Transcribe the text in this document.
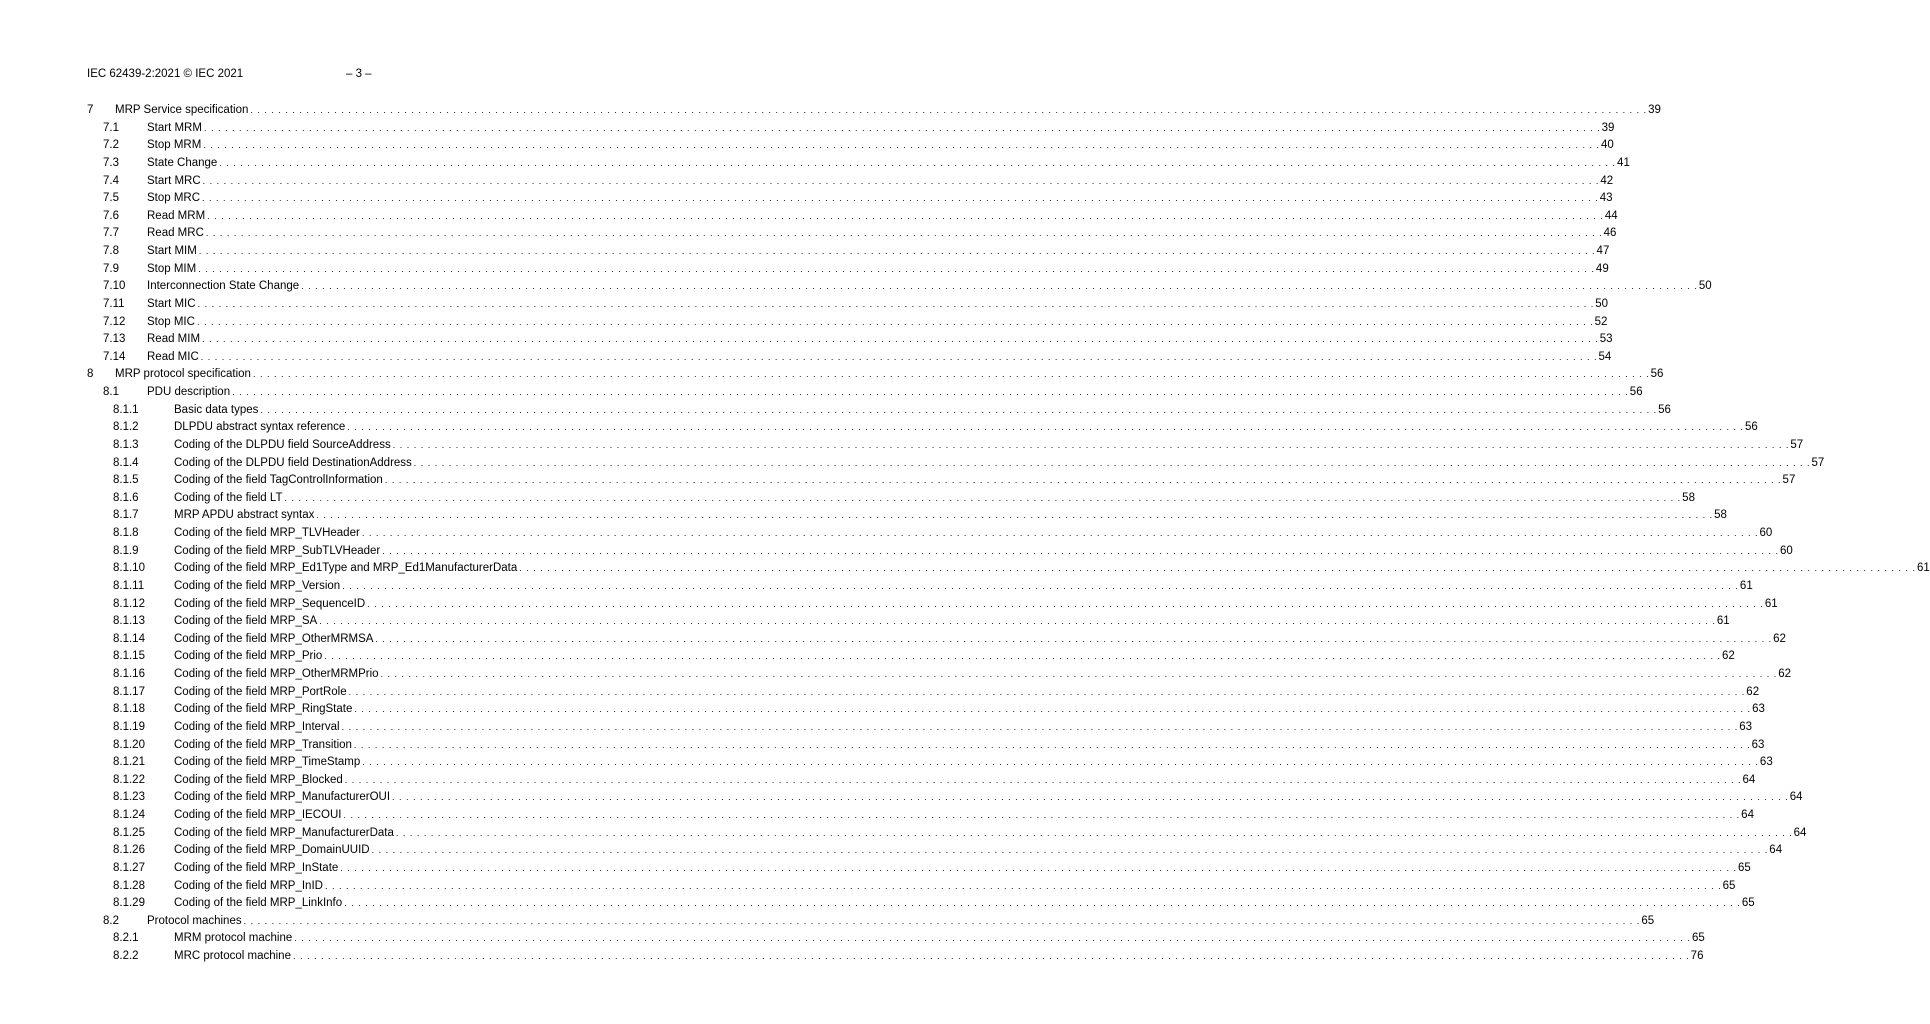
IEC 62439-2:2021 © IEC 2021	– 3 –
7 MRP Service specification . . . . . . . . . . . . . . . . . . . . . . . . . . . . . . . . . . . . . . . . . . . . . . . . . . . . . . . . . . . . . . . . . . . . . . . . . . . . . . . . . . . . . . . . . . . . . . . . . . . . . . . . . . . . . . . . . . . . . . . . . . . . . . . . . . . . . . . . . . . . . . . . . . . . . . . . . . . . . . . . . . . . . . . . . . . . . . . . . . . . . . . . . . . . . . . . . . . . . . . . 39
7.1 Start MRM . . . . . . . . . . . . . . . . . . . . . . . . . . . . . . . . . . . . . . . . . . . . . . . . . . . . . . . . . . . . . . . . . . . . . . . . . . . . . . . . . . . . . . . . . . . . . . . . . . . . . . . . . . . . . . . . . . . . . . . . . . . . . . . . . . . . . . . . . . . . . . . . . . . . . . . . . . . . . . . . . . . . . . . . . . . . . . . . . . . . . . . . . . . . . . . . . . . . . . . . 39
7.2 Stop MRM . . . . . . . . . . . . . . . . . . . . . . . . . . . . . . . . . . . . . . . . . . . . . . . . . . . . . . . . . . . . . . . . . . . . . . . . . . . . . . . . . . . . . . . . . . . . . . . . . . . . . . . . . . . . . . . . . . . . . . . . . . . . . . . . . . . . . . . . . . . . . . . . . . . . . . . . . . . . . . . . . . . . . . . . . . . . . . . . . . . . . . . . . . . . . . . . . . . . . . . . 40
7.3 State Change . . . . . . . . . . . . . . . . . . . . . . . . . . . . . . . . . . . . . . . . . . . . . . . . . . . . . . . . . . . . . . . . . . . . . . . . . . . . . . . . . . . . . . . . . . . . . . . . . . . . . . . . . . . . . . . . . . . . . . . . . . . . . . . . . . . . . . . . . . . . . . . . . . . . . . . . . . . . . . . . . . . . . . . . . . . . . . . . . . . . . . . . . . . . . . . . . . . . . . . . 41
7.4 Start MRC . . . . . . . . . . . . . . . . . . . . . . . . . . . . . . . . . . . . . . . . . . . . . . . . . . . . . . . . . . . . . . . . . . . . . . . . . . . . . . . . . . . . . . . . . . . . . . . . . . . . . . . . . . . . . . . . . . . . . . . . . . . . . . . . . . . . . . . . . . . . . . . . . . . . . . . . . . . . . . . . . . . . . . . . . . . . . . . . . . . . . . . . . . . . . . . . . . . . . . . . 42
7.5 Stop MRC . . . . . . . . . . . . . . . . . . . . . . . . . . . . . . . . . . . . . . . . . . . . . . . . . . . . . . . . . . . . . . . . . . . . . . . . . . . . . . . . . . . . . . . . . . . . . . . . . . . . . . . . . . . . . . . . . . . . . . . . . . . . . . . . . . . . . . . . . . . . . . . . . . . . . . . . . . . . . . . . . . . . . . . . . . . . . . . . . . . . . . . . . . . . . . . . . . . . . . . . 43
7.6 Read MRM . . . . . . . . . . . . . . . . . . . . . . . . . . . . . . . . . . . . . . . . . . . . . . . . . . . . . . . . . . . . . . . . . . . . . . . . . . . . . . . . . . . . . . . . . . . . . . . . . . . . . . . . . . . . . . . . . . . . . . . . . . . . . . . . . . . . . . . . . . . . . . . . . . . . . . . . . . . . . . . . . . . . . . . . . . . . . . . . . . . . . . . . . . . . . . . . . . . . . . . . 44
7.7 Read MRC . . . . . . . . . . . . . . . . . . . . . . . . . . . . . . . . . . . . . . . . . . . . . . . . . . . . . . . . . . . . . . . . . . . . . . . . . . . . . . . . . . . . . . . . . . . . . . . . . . . . . . . . . . . . . . . . . . . . . . . . . . . . . . . . . . . . . . . . . . . . . . . . . . . . . . . . . . . . . . . . . . . . . . . . . . . . . . . . . . . . . . . . . . . . . . . . . . . . . . . . 46
7.8 Start MIM . . . . . . . . . . . . . . . . . . . . . . . . . . . . . . . . . . . . . . . . . . . . . . . . . . . . . . . . . . . . . . . . . . . . . . . . . . . . . . . . . . . . . . . . . . . . . . . . . . . . . . . . . . . . . . . . . . . . . . . . . . . . . . . . . . . . . . . . . . . . . . . . . . . . . . . . . . . . . . . . . . . . . . . . . . . . . . . . . . . . . . . . . . . . . . . . . . . . . . . . 47
7.9 Stop MIM . . . . . . . . . . . . . . . . . . . . . . . . . . . . . . . . . . . . . . . . . . . . . . . . . . . . . . . . . . . . . . . . . . . . . . . . . . . . . . . . . . . . . . . . . . . . . . . . . . . . . . . . . . . . . . . . . . . . . . . . . . . . . . . . . . . . . . . . . . . . . . . . . . . . . . . . . . . . . . . . . . . . . . . . . . . . . . . . . . . . . . . . . . . . . . . . . . . . . . . . 49
7.10 Interconnection State Change . . . . . . . . . . . . . . . . . . . . . . . . . . . . . . . . . . . . . . . . . . . . . . . . . . . . . . . . . . . . . . . . . . . . . . . . . . . . . . . . . . . . . . . . . . . . . . . . . . . . . . . . . . . . . . . . . . . . . . . . . . . . . . . . . . . . . . . . . . . . . . . . . . . . . . . . . . . . . . . . . . . . . . . . . . . . . . . . . . . . . . . . . . . . . . . . . . . . . . . . 50
7.11 Start MIC . . . . . . . . . . . . . . . . . . . . . . . . . . . . . . . . . . . . . . . . . . . . . . . . . . . . . . . . . . . . . . . . . . . . . . . . . . . . . . . . . . . . . . . . . . . . . . . . . . . . . . . . . . . . . . . . . . . . . . . . . . . . . . . . . . . . . . . . . . . . . . . . . . . . . . . . . . . . . . . . . . . . . . . . . . . . . . . . . . . . . . . . . . . . . . . . . . . . . . . . 50
7.12 Stop MIC . . . . . . . . . . . . . . . . . . . . . . . . . . . . . . . . . . . . . . . . . . . . . . . . . . . . . . . . . . . . . . . . . . . . . . . . . . . . . . . . . . . . . . . . . . . . . . . . . . . . . . . . . . . . . . . . . . . . . . . . . . . . . . . . . . . . . . . . . . . . . . . . . . . . . . . . . . . . . . . . . . . . . . . . . . . . . . . . . . . . . . . . . . . . . . . . . . . . . . . . 52
7.13 Read MIM . . . . . . . . . . . . . . . . . . . . . . . . . . . . . . . . . . . . . . . . . . . . . . . . . . . . . . . . . . . . . . . . . . . . . . . . . . . . . . . . . . . . . . . . . . . . . . . . . . . . . . . . . . . . . . . . . . . . . . . . . . . . . . . . . . . . . . . . . . . . . . . . . . . . . . . . . . . . . . . . . . . . . . . . . . . . . . . . . . . . . . . . . . . . . . . . . . . . . . . . 53
7.14 Read MIC . . . . . . . . . . . . . . . . . . . . . . . . . . . . . . . . . . . . . . . . . . . . . . . . . . . . . . . . . . . . . . . . . . . . . . . . . . . . . . . . . . . . . . . . . . . . . . . . . . . . . . . . . . . . . . . . . . . . . . . . . . . . . . . . . . . . . . . . . . . . . . . . . . . . . . . . . . . . . . . . . . . . . . . . . . . . . . . . . . . . . . . . . . . . . . . . . . . . . . . . 54
8 MRP protocol specification . . . . . . . . . . . . . . . . . . . . . . . . . . . . . . . . . . . . . . . . . . . . . . . . . . . . . . . . . . . . . . . . . . . . . . . . . . . . . . . . . . . . . . . . . . . . . . . . . . . . . . . . . . . . . . . . . . . . . . . . . . . . . . . . . . . . . . . . . . . . . . . . . . . . . . . . . . . . . . . . . . . . . . . . . . . . . . . . . . . . . . . . . . . . . . . . . . . . . . . . 56
8.1 PDU description . . . . . . . . . . . . . . . . . . . . . . . . . . . . . . . . . . . . . . . . . . . . . . . . . . . . . . . . . . . . . . . . . . . . . . . . . . . . . . . . . . . . . . . . . . . . . . . . . . . . . . . . . . . . . . . . . . . . . . . . . . . . . . . . . . . . . . . . . . . . . . . . . . . . . . . . . . . . . . . . . . . . . . . . . . . . . . . . . . . . . . . . . . . . . . . . . . . . . . . . 56
8.1.1	Basic data types . . . . . . . . . . . . . . . . . . . . . . . . . . . . . . . . . . . . . . . . . . . . . . . . . . . . . . . . . . . . . . . . . . . . . . . . . . . . . . . . . . . . . . . . . . . . . . . . . . . . . . . . . . . . . . . . . . . . . . . . . . . . . . . . . . . . . . . . . . . . . . . . . . . . . . . . . . . . . . . . . . . . . . . . . . . . . . . . . . . . . . . . . . . . . . . . . . . . . . . . 56
8.1.2	DLPDU abstract syntax reference . . . . . . . . . . . . . . . . . . . . . . . . . . . . . . . . . . . . . . . . . . . . . . . . . . . . . . . . . . . . . . . . . . . . . . . . . . . . . . . . . . . . . . . . . . . . . . . . . . . . . . . . . . . . . . . . . . . . . . . . . . . . . . . . . . . . . . . . . . . . . . . . . . . . . . . . . . . . . . . . . . . . . . . . . . . . . . . . . . . . . . . . . . . . . . . . . . . . . . . . 56
8.1.3	Coding of the DLPDU field SourceAddress . . . . . . . . . . . . . . . . . . . . . . . . . . . . . . . . . . . . . . . . . . . . . . . . . . . . . . . . . . . . . . . . . . . . . . . . . . . . . . . . . . . . . . . . . . . . . . . . . . . . . . . . . . . . . . . . . . . . . . . . . . . . . . . . . . . . . . . . . . . . . . . . . . . . . . . . . . . . . . . . . . . . . . . . . . . . . . . . . . . . . . . . . . . . . . . . . . . . . . . . 57
8.1.4	Coding of the DLPDU field DestinationAddress . . . . . . . . . . . . . . . . . . . . . . . . . . . . . . . . . . . . . . . . . . . . . . . . . . . . . . . . . . . . . . . . . . . . . . . . . . . . . . . . . . . . . . . . . . . . . . . . . . . . . . . . . . . . . . . . . . . . . . . . . . . . . . . . . . . . . . . . . . . . . . . . . . . . . . . . . . . . . . . . . . . . . . . . . . . . . . . . . . . . . . . . . . . . . . . . . . . . . . . . 57
8.1.5	Coding of the field TagControlInformation . . . . . . . . . . . . . . . . . . . . . . . . . . . . . . . . . . . . . . . . . . . . . . . . . . . . . . . . . . . . . . . . . . . . . . . . . . . . . . . . . . . . . . . . . . . . . . . . . . . . . . . . . . . . . . . . . . . . . . . . . . . . . . . . . . . . . . . . . . . . . . . . . . . . . . . . . . . . . . . . . . . . . . . . . . . . . . . . . . . . . . . . . . . . . . . . . . . . . . . . 57
8.1.6	Coding of the field LT . . . . . . . . . . . . . . . . . . . . . . . . . . . . . . . . . . . . . . . . . . . . . . . . . . . . . . . . . . . . . . . . . . . . . . . . . . . . . . . . . . . . . . . . . . . . . . . . . . . . . . . . . . . . . . . . . . . . . . . . . . . . . . . . . . . . . . . . . . . . . . . . . . . . . . . . . . . . . . . . . . . . . . . . . . . . . . . . . . . . . . . . . . . . . . . . . . . . . . . . 58
8.1.7	MRP APDU abstract syntax . . . . . . . . . . . . . . . . . . . . . . . . . . . . . . . . . . . . . . . . . . . . . . . . . . . . . . . . . . . . . . . . . . . . . . . . . . . . . . . . . . . . . . . . . . . . . . . . . . . . . . . . . . . . . . . . . . . . . . . . . . . . . . . . . . . . . . . . . . . . . . . . . . . . . . . . . . . . . . . . . . . . . . . . . . . . . . . . . . . . . . . . . . . . . . . . . . . . . . . . 58
8.1.8	Coding of the field MRP_TLVHeader . . . . . . . . . . . . . . . . . . . . . . . . . . . . . . . . . . . . . . . . . . . . . . . . . . . . . . . . . . . . . . . . . . . . . . . . . . . . . . . . . . . . . . . . . . . . . . . . . . . . . . . . . . . . . . . . . . . . . . . . . . . . . . . . . . . . . . . . . . . . . . . . . . . . . . . . . . . . . . . . . . . . . . . . . . . . . . . . . . . . . . . . . . . . . . . . . . . . . . . . 60
8.1.9	Coding of the field MRP_SubTLVHeader . . . . . . . . . . . . . . . . . . . . . . . . . . . . . . . . . . . . . . . . . . . . . . . . . . . . . . . . . . . . . . . . . . . . . . . . . . . . . . . . . . . . . . . . . . . . . . . . . . . . . . . . . . . . . . . . . . . . . . . . . . . . . . . . . . . . . . . . . . . . . . . . . . . . . . . . . . . . . . . . . . . . . . . . . . . . . . . . . . . . . . . . . . . . . . . . . . . . . . . . 60
8.1.10	Coding of the field MRP_Ed1Type and MRP_Ed1ManufacturerData . . . . . . . . . . . . . . . . . . . . . . . . . . . . . . . . . . . . . . . . . . . . . . . . . . . . . . . . . . . . . . . . . . . . . . . . . . . . . . . . . . . . . . . . . . . . . . . . . . . . . . . . . . . . . . . . . . . . . . . . . . . . . . . . . . . . . . . . . . . . . . . . . . . . . . . . . . . . . . . . . . . . . . . . . . . . . . . . . . . . . . . . . . . . . . . . . . . . . . . . 61
8.1.11	Coding of the field MRP_Version . . . . . . . . . . . . . . . . . . . . . . . . . . . . . . . . . . . . . . . . . . . . . . . . . . . . . . . . . . . . . . . . . . . . . . . . . . . . . . . . . . . . . . . . . . . . . . . . . . . . . . . . . . . . . . . . . . . . . . . . . . . . . . . . . . . . . . . . . . . . . . . . . . . . . . . . . . . . . . . . . . . . . . . . . . . . . . . . . . . . . . . . . . . . . . . . . . . . . . . . 61
8.1.12	Coding of the field MRP_SequenceID . . . . . . . . . . . . . . . . . . . . . . . . . . . . . . . . . . . . . . . . . . . . . . . . . . . . . . . . . . . . . . . . . . . . . . . . . . . . . . . . . . . . . . . . . . . . . . . . . . . . . . . . . . . . . . . . . . . . . . . . . . . . . . . . . . . . . . . . . . . . . . . . . . . . . . . . . . . . . . . . . . . . . . . . . . . . . . . . . . . . . . . . . . . . . . . . . . . . . . . . 61
8.1.13	Coding of the field MRP_SA . . . . . . . . . . . . . . . . . . . . . . . . . . . . . . . . . . . . . . . . . . . . . . . . . . . . . . . . . . . . . . . . . . . . . . . . . . . . . . . . . . . . . . . . . . . . . . . . . . . . . . . . . . . . . . . . . . . . . . . . . . . . . . . . . . . . . . . . . . . . . . . . . . . . . . . . . . . . . . . . . . . . . . . . . . . . . . . . . . . . . . . . . . . . . . . . . . . . . . . . 61
8.1.14	Coding of the field MRP_OtherMRMSA . . . . . . . . . . . . . . . . . . . . . . . . . . . . . . . . . . . . . . . . . . . . . . . . . . . . . . . . . . . . . . . . . . . . . . . . . . . . . . . . . . . . . . . . . . . . . . . . . . . . . . . . . . . . . . . . . . . . . . . . . . . . . . . . . . . . . . . . . . . . . . . . . . . . . . . . . . . . . . . . . . . . . . . . . . . . . . . . . . . . . . . . . . . . . . . . . . . . . . . . 62
8.1.15	Coding of the field MRP_Prio . . . . . . . . . . . . . . . . . . . . . . . . . . . . . . . . . . . . . . . . . . . . . . . . . . . . . . . . . . . . . . . . . . . . . . . . . . . . . . . . . . . . . . . . . . . . . . . . . . . . . . . . . . . . . . . . . . . . . . . . . . . . . . . . . . . . . . . . . . . . . . . . . . . . . . . . . . . . . . . . . . . . . . . . . . . . . . . . . . . . . . . . . . . . . . . . . . . . . . . . 62
8.1.16	Coding of the field MRP_OtherMRMPrio . . . . . . . . . . . . . . . . . . . . . . . . . . . . . . . . . . . . . . . . . . . . . . . . . . . . . . . . . . . . . . . . . . . . . . . . . . . . . . . . . . . . . . . . . . . . . . . . . . . . . . . . . . . . . . . . . . . . . . . . . . . . . . . . . . . . . . . . . . . . . . . . . . . . . . . . . . . . . . . . . . . . . . . . . . . . . . . . . . . . . . . . . . . . . . . . . . . . . . . . 62
8.1.17	Coding of the field MRP_PortRole . . . . . . . . . . . . . . . . . . . . . . . . . . . . . . . . . . . . . . . . . . . . . . . . . . . . . . . . . . . . . . . . . . . . . . . . . . . . . . . . . . . . . . . . . . . . . . . . . . . . . . . . . . . . . . . . . . . . . . . . . . . . . . . . . . . . . . . . . . . . . . . . . . . . . . . . . . . . . . . . . . . . . . . . . . . . . . . . . . . . . . . . . . . . . . . . . . . . . . . . 62
8.1.18	Coding of the field MRP_RingState . . . . . . . . . . . . . . . . . . . . . . . . . . . . . . . . . . . . . . . . . . . . . . . . . . . . . . . . . . . . . . . . . . . . . . . . . . . . . . . . . . . . . . . . . . . . . . . . . . . . . . . . . . . . . . . . . . . . . . . . . . . . . . . . . . . . . . . . . . . . . . . . . . . . . . . . . . . . . . . . . . . . . . . . . . . . . . . . . . . . . . . . . . . . . . . . . . . . . . . . 63
8.1.19	Coding of the field MRP_Interval . . . . . . . . . . . . . . . . . . . . . . . . . . . . . . . . . . . . . . . . . . . . . . . . . . . . . . . . . . . . . . . . . . . . . . . . . . . . . . . . . . . . . . . . . . . . . . . . . . . . . . . . . . . . . . . . . . . . . . . . . . . . . . . . . . . . . . . . . . . . . . . . . . . . . . . . . . . . . . . . . . . . . . . . . . . . . . . . . . . . . . . . . . . . . . . . . . . . . . . . 63
8.1.20	Coding of the field MRP_Transition . . . . . . . . . . . . . . . . . . . . . . . . . . . . . . . . . . . . . . . . . . . . . . . . . . . . . . . . . . . . . . . . . . . . . . . . . . . . . . . . . . . . . . . . . . . . . . . . . . . . . . . . . . . . . . . . . . . . . . . . . . . . . . . . . . . . . . . . . . . . . . . . . . . . . . . . . . . . . . . . . . . . . . . . . . . . . . . . . . . . . . . . . . . . . . . . . . . . . . . . 63
8.1.21	Coding of the field MRP_TimeStamp . . . . . . . . . . . . . . . . . . . . . . . . . . . . . . . . . . . . . . . . . . . . . . . . . . . . . . . . . . . . . . . . . . . . . . . . . . . . . . . . . . . . . . . . . . . . . . . . . . . . . . . . . . . . . . . . . . . . . . . . . . . . . . . . . . . . . . . . . . . . . . . . . . . . . . . . . . . . . . . . . . . . . . . . . . . . . . . . . . . . . . . . . . . . . . . . . . . . . . . . 63
8.1.22	Coding of the field MRP_Blocked . . . . . . . . . . . . . . . . . . . . . . . . . . . . . . . . . . . . . . . . . . . . . . . . . . . . . . . . . . . . . . . . . . . . . . . . . . . . . . . . . . . . . . . . . . . . . . . . . . . . . . . . . . . . . . . . . . . . . . . . . . . . . . . . . . . . . . . . . . . . . . . . . . . . . . . . . . . . . . . . . . . . . . . . . . . . . . . . . . . . . . . . . . . . . . . . . . . . . . . . 64
8.1.23	Coding of the field MRP_ManufacturerOUI . . . . . . . . . . . . . . . . . . . . . . . . . . . . . . . . . . . . . . . . . . . . . . . . . . . . . . . . . . . . . . . . . . . . . . . . . . . . . . . . . . . . . . . . . . . . . . . . . . . . . . . . . . . . . . . . . . . . . . . . . . . . . . . . . . . . . . . . . . . . . . . . . . . . . . . . . . . . . . . . . . . . . . . . . . . . . . . . . . . . . . . . . . . . . . . . . . . . . . . . 64
8.1.24	Coding of the field MRP_IECOUI . . . . . . . . . . . . . . . . . . . . . . . . . . . . . . . . . . . . . . . . . . . . . . . . . . . . . . . . . . . . . . . . . . . . . . . . . . . . . . . . . . . . . . . . . . . . . . . . . . . . . . . . . . . . . . . . . . . . . . . . . . . . . . . . . . . . . . . . . . . . . . . . . . . . . . . . . . . . . . . . . . . . . . . . . . . . . . . . . . . . . . . . . . . . . . . . . . . . . . . . 64
8.1.25	Coding of the field MRP_ManufacturerData . . . . . . . . . . . . . . . . . . . . . . . . . . . . . . . . . . . . . . . . . . . . . . . . . . . . . . . . . . . . . . . . . . . . . . . . . . . . . . . . . . . . . . . . . . . . . . . . . . . . . . . . . . . . . . . . . . . . . . . . . . . . . . . . . . . . . . . . . . . . . . . . . . . . . . . . . . . . . . . . . . . . . . . . . . . . . . . . . . . . . . . . . . . . . . . . . . . . . . . . 64
8.1.26	Coding of the field MRP_DomainUUID . . . . . . . . . . . . . . . . . . . . . . . . . . . . . . . . . . . . . . . . . . . . . . . . . . . . . . . . . . . . . . . . . . . . . . . . . . . . . . . . . . . . . . . . . . . . . . . . . . . . . . . . . . . . . . . . . . . . . . . . . . . . . . . . . . . . . . . . . . . . . . . . . . . . . . . . . . . . . . . . . . . . . . . . . . . . . . . . . . . . . . . . . . . . . . . . . . . . . . . . 64
8.1.27	Coding of the field MRP_InState . . . . . . . . . . . . . . . . . . . . . . . . . . . . . . . . . . . . . . . . . . . . . . . . . . . . . . . . . . . . . . . . . . . . . . . . . . . . . . . . . . . . . . . . . . . . . . . . . . . . . . . . . . . . . . . . . . . . . . . . . . . . . . . . . . . . . . . . . . . . . . . . . . . . . . . . . . . . . . . . . . . . . . . . . . . . . . . . . . . . . . . . . . . . . . . . . . . . . . . . 65
8.1.28	Coding of the field MRP_InID . . . . . . . . . . . . . . . . . . . . . . . . . . . . . . . . . . . . . . . . . . . . . . . . . . . . . . . . . . . . . . . . . . . . . . . . . . . . . . . . . . . . . . . . . . . . . . . . . . . . . . . . . . . . . . . . . . . . . . . . . . . . . . . . . . . . . . . . . . . . . . . . . . . . . . . . . . . . . . . . . . . . . . . . . . . . . . . . . . . . . . . . . . . . . . . . . . . . . . . . 65
8.1.29	Coding of the field MRP_LinkInfo . . . . . . . . . . . . . . . . . . . . . . . . . . . . . . . . . . . . . . . . . . . . . . . . . . . . . . . . . . . . . . . . . . . . . . . . . . . . . . . . . . . . . . . . . . . . . . . . . . . . . . . . . . . . . . . . . . . . . . . . . . . . . . . . . . . . . . . . . . . . . . . . . . . . . . . . . . . . . . . . . . . . . . . . . . . . . . . . . . . . . . . . . . . . . . . . . . . . . . . . 65
8.2 Protocol machines . . . . . . . . . . . . . . . . . . . . . . . . . . . . . . . . . . . . . . . . . . . . . . . . . . . . . . . . . . . . . . . . . . . . . . . . . . . . . . . . . . . . . . . . . . . . . . . . . . . . . . . . . . . . . . . . . . . . . . . . . . . . . . . . . . . . . . . . . . . . . . . . . . . . . . . . . . . . . . . . . . . . . . . . . . . . . . . . . . . . . . . . . . . . . . . . . . . . . . . . 65
8.2.1	MRM protocol machine . . . . . . . . . . . . . . . . . . . . . . . . . . . . . . . . . . . . . . . . . . . . . . . . . . . . . . . . . . . . . . . . . . . . . . . . . . . . . . . . . . . . . . . . . . . . . . . . . . . . . . . . . . . . . . . . . . . . . . . . . . . . . . . . . . . . . . . . . . . . . . . . . . . . . . . . . . . . . . . . . . . . . . . . . . . . . . . . . . . . . . . . . . . . . . . . . . . . . . . . 65
8.2.2	MRC protocol machine . . . . . . . . . . . . . . . . . . . . . . . . . . . . . . . . . . . . . . . . . . . . . . . . . . . . . . . . . . . . . . . . . . . . . . . . . . . . . . . . . . . . . . . . . . . . . . . . . . . . . . . . . . . . . . . . . . . . . . . . . . . . . . . . . . . . . . . . . . . . . . . . . . . . . . . . . . . . . . . . . . . . . . . . . . . . . . . . . . . . . . . . . . . . . . . . . . . . . . . . 76
